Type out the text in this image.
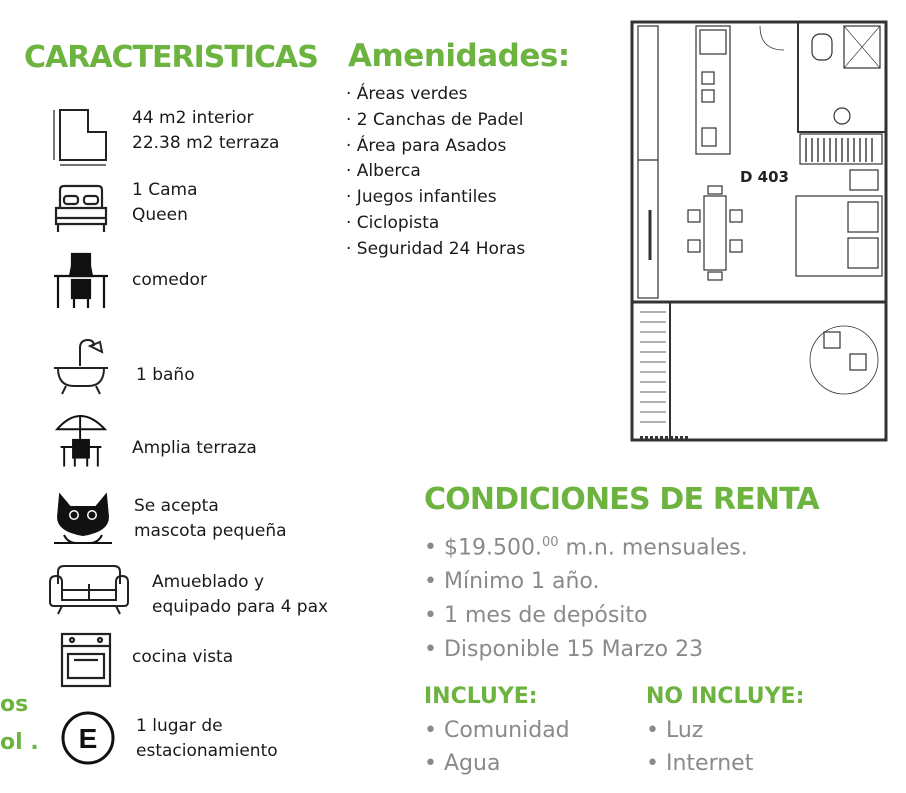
CARACTERISTICAS Amenidades:
· Áreas verdes
· 2 Canchas de Padel
· Área para Asados
· Alberca
· Juegos infantiles
· Ciclopista
· Seguridad 24 Horas
44 m2 interior
22.38 m2 terraza
1 Cama
Queen
comedor
1 baño
Amplia terraza
Se acepta
mascota pequeña
Amueblado y
equipado para 4 pax
cocina vista
E 1 lugar de
estacionamiento
os
ol .
D 403
CONDICIONES DE RENTA
• $19.500.00 m.n. mensuales.
• Mínimo 1 año.
• 1 mes de depósito
• Disponible 15 Marzo 23
INCLUYE:
• Comunidad
• Agua
NO INCLUYE:
• Luz
• Internet
